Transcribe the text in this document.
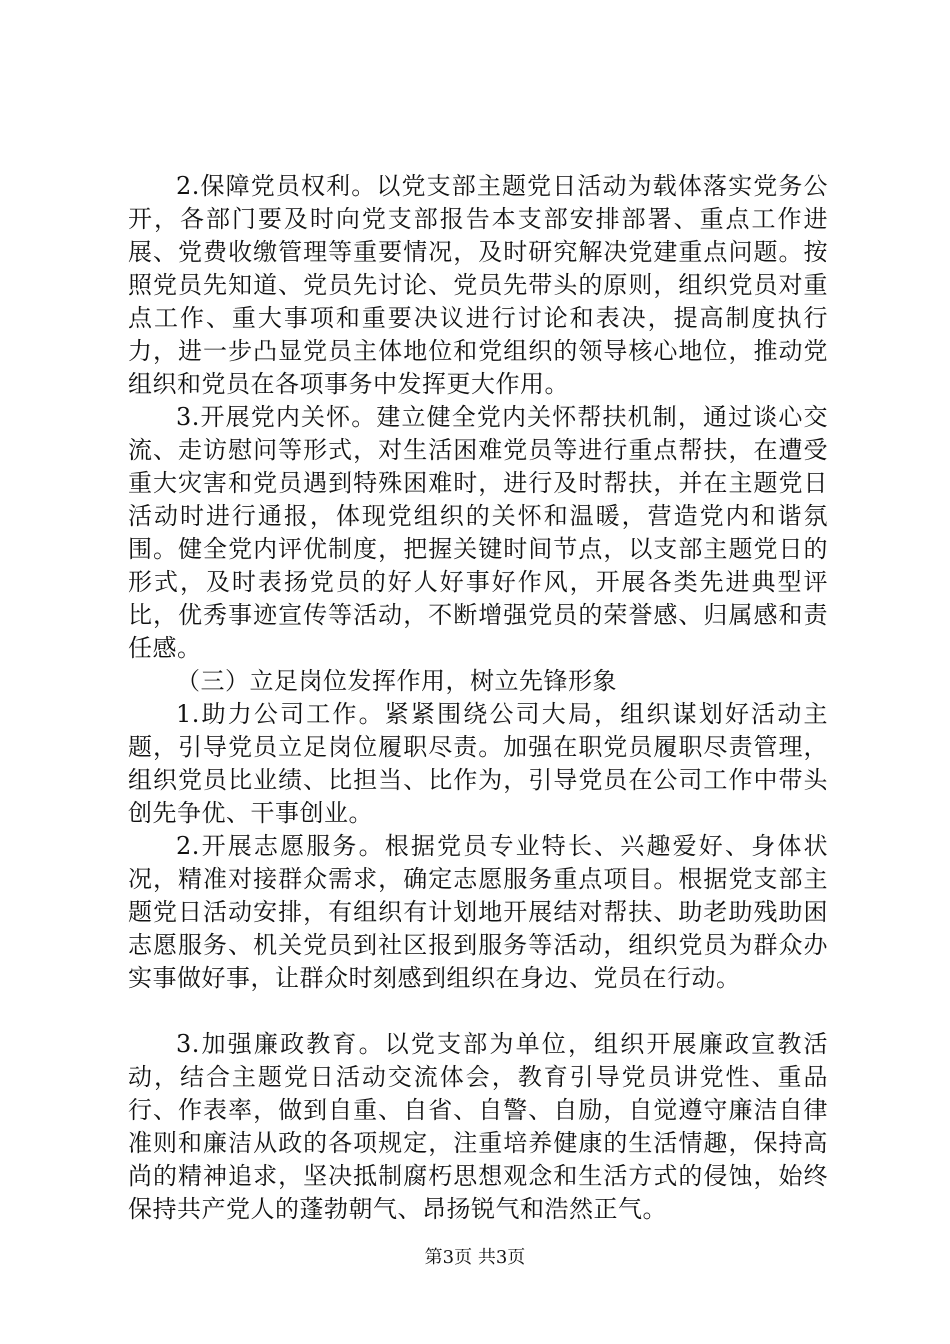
2.保障党员权利。以党支部主题党日活动为载体落实党务公开，各部门要及时向党支部报告本支部安排部署、重点工作进展、党费收缴管理等重要情况，及时研究解决党建重点问题。按照党员先知道、党员先讨论、党员先带头的原则，组织党员对重点工作、重大事项和重要决议进行讨论和表决，提高制度执行力，进一步凸显党员主体地位和党组织的领导核心地位，推动党组织和党员在各项事务中发挥更大作用。

3.开展党内关怀。建立健全党内关怀帮扶机制，通过谈心交流、走访慰问等形式，对生活困难党员等进行重点帮扶，在遭受重大灾害和党员遇到特殊困难时，进行及时帮扶，并在主题党日活动时进行通报，体现党组织的关怀和温暖，营造党内和谐氛围。健全党内评优制度，把握关键时间节点，以支部主题党日的形式，及时表扬党员的好人好事好作风，开展各类先进典型评比，优秀事迹宣传等活动，不断增强党员的荣誉感、归属感和责任感。

（三）立足岗位发挥作用，树立先锋形象

1.助力公司工作。紧紧围绕公司大局，组织谋划好活动主题，引导党员立足岗位履职尽责。加强在职党员履职尽责管理，组织党员比业绩、比担当、比作为，引导党员在公司工作中带头创先争优、干事创业。

2.开展志愿服务。根据党员专业特长、兴趣爱好、身体状况，精准对接群众需求，确定志愿服务重点项目。根据党支部主题党日活动安排，有组织有计划地开展结对帮扶、助老助残助困志愿服务、机关党员到社区报到服务等活动，组织党员为群众办实事做好事，让群众时刻感到组织在身边、党员在行动。

3.加强廉政教育。以党支部为单位，组织开展廉政宣教活动，结合主题党日活动交流体会，教育引导党员讲党性、重品行、作表率，做到自重、自省、自警、自励，自觉遵守廉洁自律准则和廉洁从政的各项规定，注重培养健康的生活情趣，保持高尚的精神追求，坚决抵制腐朽思想观念和生活方式的侵蚀，始终保持共产党人的蓬勃朝气、昂扬锐气和浩然正气。

第3页 共3页
